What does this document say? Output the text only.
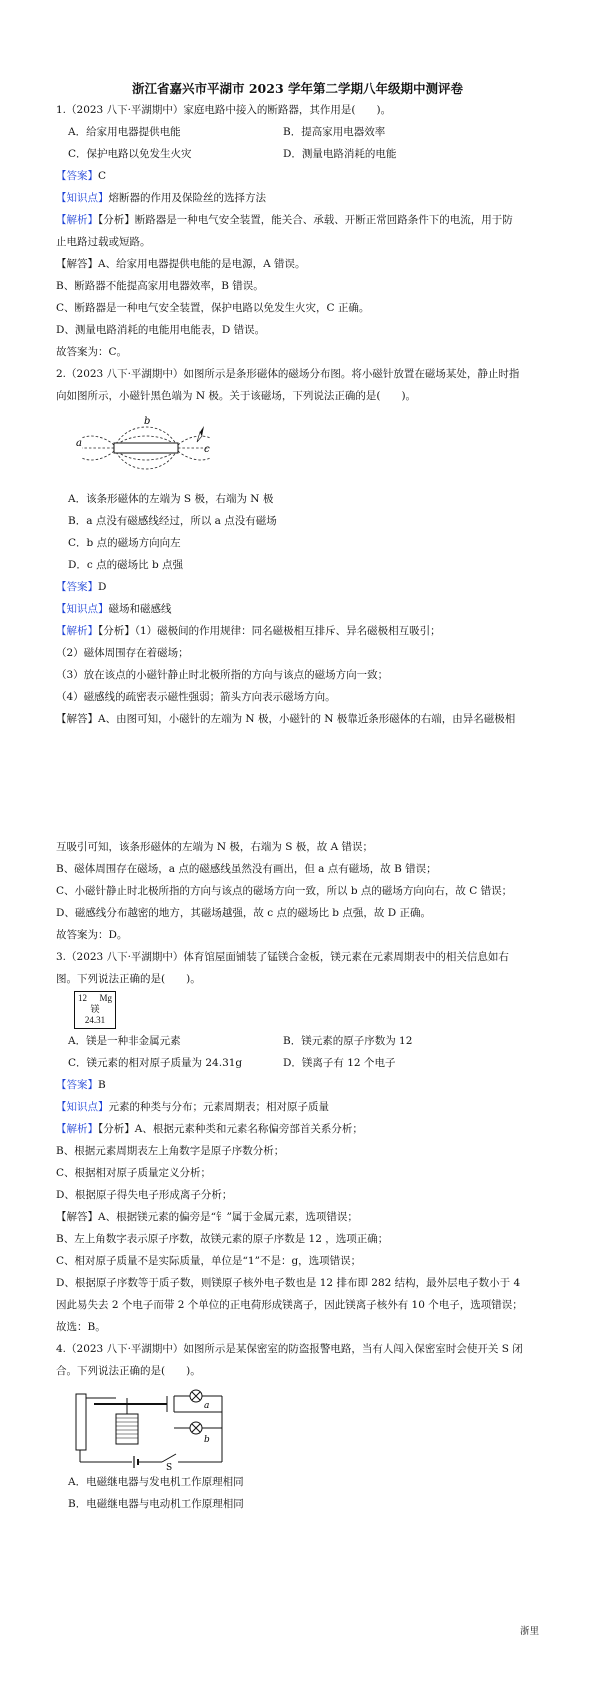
浙江省嘉兴市平湖市 2023 学年第二学期八年级期中测评卷
1.（2023 八下·平湖期中）家庭电路中接入的断路器，其作用是(　　)。
A．给家用电器提供电能	B．提高家用电器效率
C．保护电路以免发生火灾	D．测量电路消耗的电能
【答案】C
【知识点】熔断器的作用及保险丝的选择方法
【解析】【分析】断路器是一种电气安全装置，能关合、承载、开断正常回路条件下的电流，用于防
止电路过载或短路。
【解答】A、给家用电器提供电能的是电源，A 错误。
B、断路器不能提高家用电器效率，B 错误。
C、断路器是一种电气安全装置，保护电路以免发生火灾，C 正确。
D、测量电路消耗的电能用电能表，D 错误。
故答案为：C。
2.（2023 八下·平湖期中）如图所示是条形磁体的磁场分布图。将小磁针放置在磁场某处，静止时指
向如图所示，小磁针黑色端为 N 极。关于该磁场，下列说法正确的是(　　)。
b
a
c
A．该条形磁体的左端为 S 极，右端为 N 极
B．a 点没有磁感线经过，所以 a 点没有磁场
C．b 点的磁场方向向左
D．c 点的磁场比 b 点强
【答案】D
【知识点】磁场和磁感线
【解析】【分析】（1）磁极间的作用规律：同名磁极相互排斥、异名磁极相互吸引；
（2）磁体周围存在着磁场；
（3）放在该点的小磁针静止时北极所指的方向与该点的磁场方向一致；
（4）磁感线的疏密表示磁性强弱；箭头方向表示磁场方向。
【解答】A、由图可知，小磁针的左端为 N 极，小磁针的 N 极靠近条形磁体的右端，由异名磁极相
互吸引可知，该条形磁体的左端为 N 极，右端为 S 极，故 A 错误；
B、磁体周围存在磁场，a 点的磁感线虽然没有画出，但 a 点有磁场，故 B 错误；
C、小磁针静止时北极所指的方向与该点的磁场方向一致，所以 b 点的磁场方向向右，故 C 错误；
D、磁感线分布越密的地方，其磁场越强，故 c 点的磁场比 b 点强，故 D 正确。
故答案为：D。
3.（2023 八下·平湖期中）体育馆屋面铺装了锰镁合金板，镁元素在元素周期表中的相关信息如右
图。下列说法正确的是(　　)。
12 Mg
镁
24.31
A．镁是一种非金属元素	B．镁元素的原子序数为 12
C．镁元素的相对原子质量为 24.31g	D．镁离子有 12 个电子
【答案】B
【知识点】元素的种类与分布；元素周期表；相对原子质量
【解析】【分析】A、根据元素种类和元素名称偏旁部首关系分析；
B、根据元素周期表左上角数字是原子序数分析；
C、根据相对原子质量定义分析；
D、根据原子得失电子形成离子分析；
【解答】A、根据镁元素的偏旁是“钅”属于金属元素，选项错误；
B、左上角数字表示原子序数，故镁元素的原子序数是 12 ，选项正确；
C、相对原子质量不是实际质量，单位是“1”不是：g，选项错误；
D、根据原子序数等于质子数，则镁原子核外电子数也是 12 排布即 282 结构，最外层电子数小于 4
因此易失去 2 个电子而带 2 个单位的正电荷形成镁离子，因此镁离子核外有 10 个电子，选项错误；
故选：B。
4.（2023 八下·平湖期中）如图所示是某保密室的防盗报警电路，当有人闯入保密室时会使开关 S 闭
合。下列说法正确的是(　　)。
a
b
S
A．电磁继电器与发电机工作原理相同
B．电磁继电器与电动机工作原理相同
浙里
